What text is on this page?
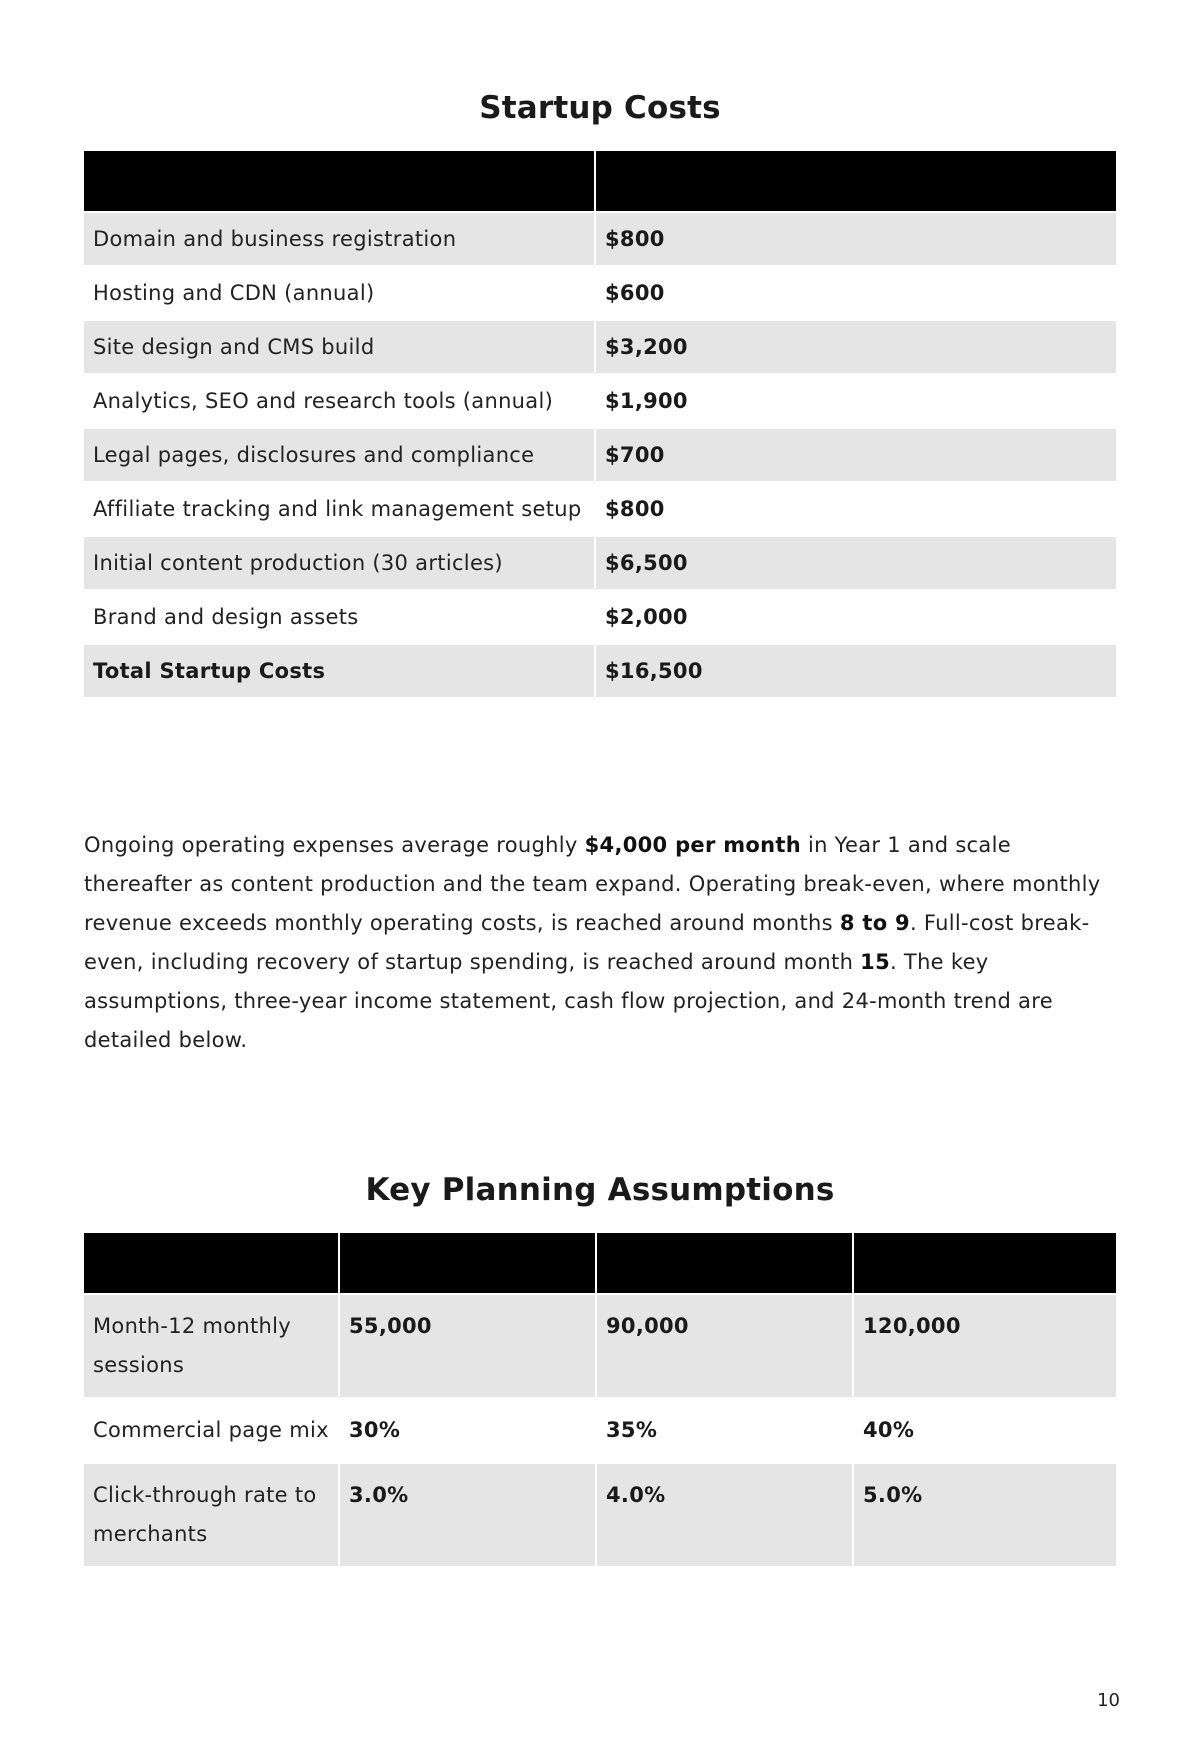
Startup Costs

Domain and business registration	$800
Hosting and CDN (annual)	$600
Site design and CMS build	$3,200
Analytics, SEO and research tools (annual)	$1,900
Legal pages, disclosures and compliance	$700
Affiliate tracking and link management setup	$800
Initial content production (30 articles)	$6,500
Brand and design assets	$2,000
Total Startup Costs	$16,500

Ongoing operating expenses average roughly $4,000 per month in Year 1 and scale thereafter as content production and the team expand. Operating break-even, where monthly revenue exceeds monthly operating costs, is reached around months 8 to 9. Full-cost break-even, including recovery of startup spending, is reached around month 15. The key assumptions, three-year income statement, cash flow projection, and 24-month trend are detailed below.

Key Planning Assumptions

Month-12 monthly sessions	55,000	90,000	120,000
Commercial page mix	30%	35%	40%
Click-through rate to merchants	3.0%	4.0%	5.0%
10
